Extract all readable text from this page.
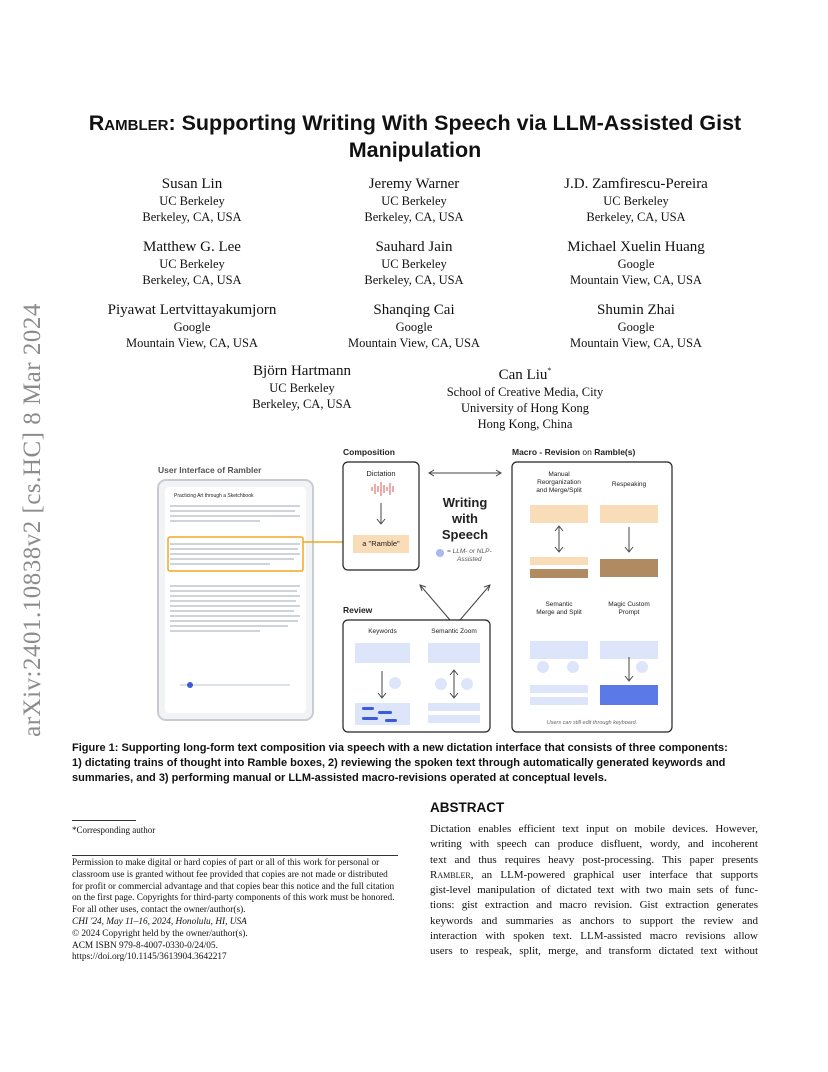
arXiv:2401.10838v2 [cs.HC] 8 Mar 2024
Rambler: Supporting Writing With Speech via LLM-Assisted Gist Manipulation
Susan Lin
UC Berkeley
Berkeley, CA, USA
Jeremy Warner
UC Berkeley
Berkeley, CA, USA
J.D. Zamfirescu-Pereira
UC Berkeley
Berkeley, CA, USA
Matthew G. Lee
UC Berkeley
Berkeley, CA, USA
Sauhard Jain
UC Berkeley
Berkeley, CA, USA
Michael Xuelin Huang
Google
Mountain View, CA, USA
Piyawat Lertvittayakumjorn
Google
Mountain View, CA, USA
Shanqing Cai
Google
Mountain View, CA, USA
Shumin Zhai
Google
Mountain View, CA, USA
Björn Hartmann
UC Berkeley
Berkeley, CA, USA
Can Liu*
School of Creative Media, City
University of Hong Kong
Hong Kong, China
User Interface of Rambler
Practicing Art through a Sketchbook
Composition
Dictation
a "Ramble"
Writing
with
Speech
= LLM- or NLP-
Assisted
Macro - Revision on Ramble(s)
Manual
Reorganization
and Merge/Split
Respeaking
Semantic
Merge and Split
Magic Custom
Prompt
Users can still edit through keyboard.
Review
Keywords	Semantic Zoom
Figure 1: Supporting long-form text composition via speech with a new dictation interface that consists of three components:
1) dictating trains of thought into Ramble boxes, 2) reviewing the spoken text through automatically generated keywords and
summaries, and 3) performing manual or LLM-assisted macro-revisions operated at conceptual levels.
*Corresponding author
Permission to make digital or hard copies of part or all of this work for personal or
classroom use is granted without fee provided that copies are not made or distributed
for profit or commercial advantage and that copies bear this notice and the full citation
on the first page. Copyrights for third-party components of this work must be honored.
For all other uses, contact the owner/author(s).
CHI '24, May 11–16, 2024, Honolulu, HI, USA
© 2024 Copyright held by the owner/author(s).
ACM ISBN 979-8-4007-0330-0/24/05.
https://doi.org/10.1145/3613904.3642217
ABSTRACT
Dictation enables efficient text input on mobile devices. However,
writing with speech can produce disfluent, wordy, and incoherent
text and thus requires heavy post-processing. This paper presents
Rambler, an LLM-powered graphical user interface that supports
gist-level manipulation of dictated text with two main sets of func-
tions: gist extraction and macro revision. Gist extraction generates
keywords and summaries as anchors to support the review and
interaction with spoken text. LLM-assisted macro revisions allow
users to respeak, split, merge, and transform dictated text without
